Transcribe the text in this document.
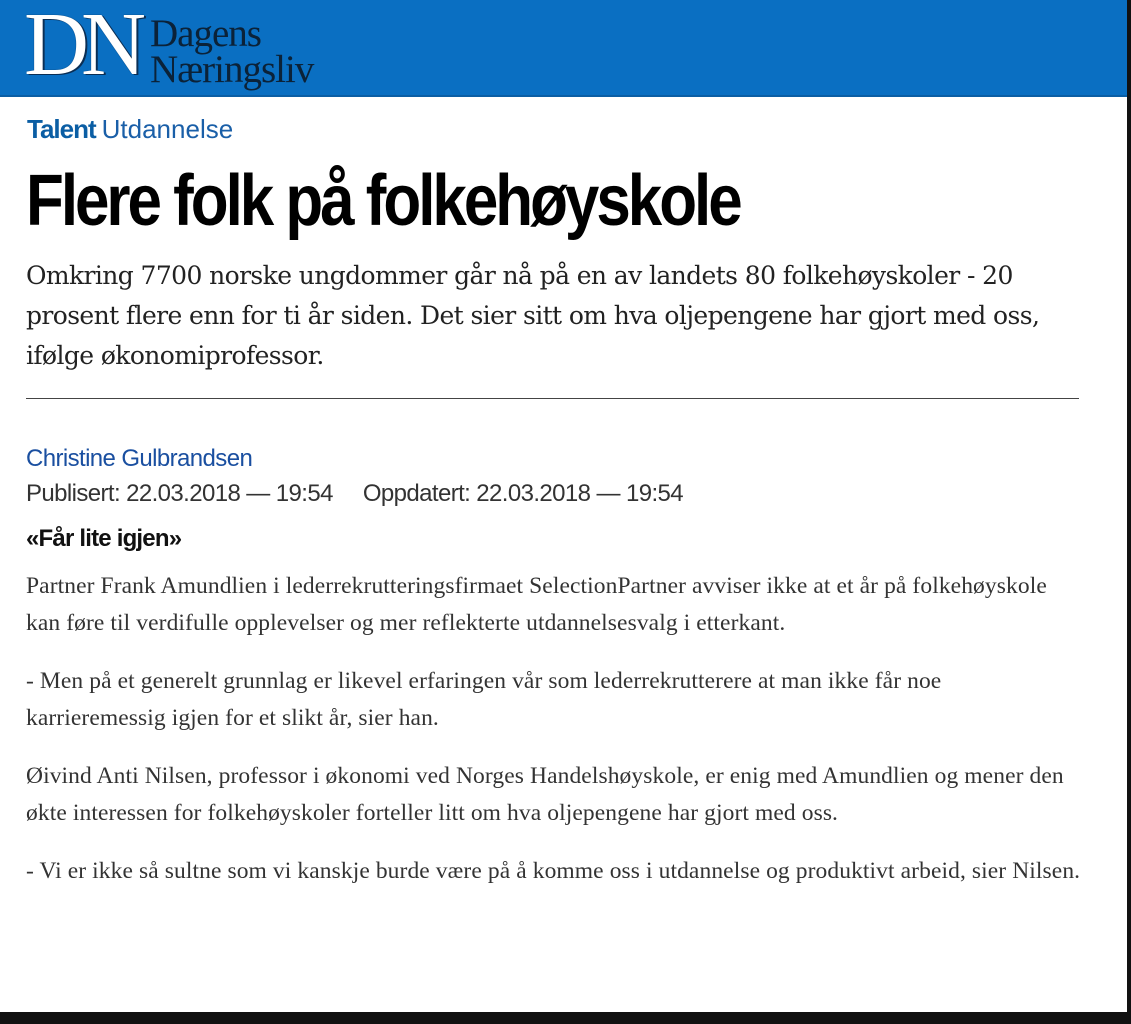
DN Dagens
Næringsliv
Talent Utdannelse
Flere folk på folkehøyskole

Omkring 7700 norske ungdommer går nå på en av landets 80 folkehøyskoler - 20 prosent flere enn for ti år siden. Det sier sitt om hva oljepengene har gjort med oss, ifølge økonomiprofessor.

Christine Gulbrandsen
Publisert: 22.03.2018 — 19:54 Oppdatert: 22.03.2018 — 19:54
«Får lite igjen»

Partner Frank Amundlien i lederrekrutteringsfirmaet SelectionPartner avviser ikke at et år på folkehøyskole kan føre til verdifulle opplevelser og mer reflekterte utdannelsesvalg i etterkant.

- Men på et generelt grunnlag er likevel erfaringen vår som lederrekrutterere at man ikke får noe karrieremessig igjen for et slikt år, sier han.

Øivind Anti Nilsen, professor i økonomi ved Norges Handelshøyskole, er enig med Amundlien og mener den økte interessen for folkehøyskoler forteller litt om hva oljepengene har gjort med oss.

- Vi er ikke så sultne som vi kanskje burde være på å komme oss i utdannelse og produktivt arbeid, sier Nilsen.
